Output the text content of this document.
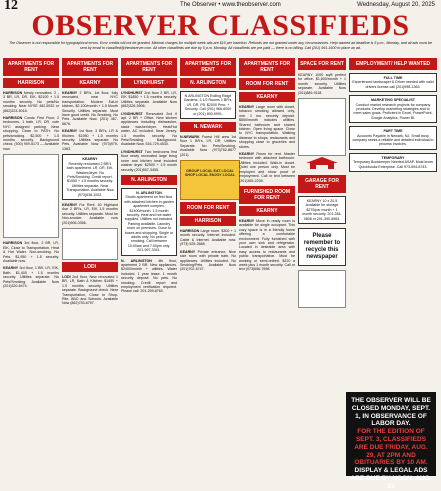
12	The Observer • www.theobserver.com	Wednesday, August 20, 2025
OBSERVER CLASSIFIEDS
The Observer is not responsible for typographical errors. Error credits will not be granted. Minimal charges for multiple week ads are $10 per insertion. Refunds are not granted under any circumstances. Help wanted ad deadline is 5 p.m., Monday, and all ads must be sent by email to classified@theobserver.com. All other classifieds are due by 5 p.m. Monday. All classifieds are pre-paid — there is no billing. Call (201) 991-1600 to place an ad.
APARTMENTS FOR RENT
HARRISON
HARRISON Newly renovated. 2 - 3 BR, LR, DR, EIK. $2100 + 1.5 months security. No pets/No smoking. Near NYSE 482-5532 or (862)223-5016.
HARRISON Condo First Floor, 2 bedrooms, 1 bath, LR, DR, cute NYC assigned parking. Near shopping. Close to PATH. No pets/smoking. $2,500 + 1.5 months security. Background check. (500) 909-5173 — Available now.
HARRISON 3rd floor, 3 BR, LR, EIK, Close to Transportation. Heat & Hot Water. Non-smoking. No Pets. $1,950 + 1.5 security. Available now.
KEARNY 3rd floor, 1 BR, LR, EIK, Bath. $1,400 + 1.5 months security. Utilities separate. No Pets/Smoking. Available Now (201)320-6474.
APARTMENTS FOR RENT
KEARNY
KEARNY 2 BR's, 1st floor, fully renovated, near NYC transportation. Modern Eat-in kitchen, $2,100/month + 1.5 Month Security. Utilities separate. Must have good credit. No Smoking, No Pets. Available Now. (201) 467-6876.
KEARNY 1st floor, 3 BR's, LR & Kitchen. $1950 + 1.5 months security. Utilities separate. No Pets. Available Now. (973)979-1383.
KEARNY
Recently renovated 2 BR/1 bath apartment. LR, DR, EIK. Washer/dryer. No Pets/Smoking. Credit report. $1950 + 1.5 months security. Utilities separate. Near Transportation. Available Now (973)636-1002.
KEARNY For Rent. 40 Highland Ave 2 BR's, LR, EIK 1.5 months security. Utilities separate. Must be Non-smoker. Available now (201)906-0356.
LODI
LODI 2nd floor, New renovated 1 BR, LR, Bath & Kitchen $1450 + 1.5 months security. Utilities separate. Background check. Near Transportation, Close to Shop-Rite, ABO and Schools. Available Now (862)753-6797.
APARTMENTS FOR RENT
LYNDHURST
LYNDHURST 2nd floor 2 BR, LR, EIK $1850 + 1.5 months security. Utilities separate. Available Now (862)326-5906.
LYNDHURST Renovated 2nd fl apt. 2 BR + Office. New kitchen appliances including dishwasher, stack washer/dryer. Heat/Hot water, AC included. Near Jersey. 1.5 months security. No Pets/Smoking. Background. Available Now. 516-729-4530.
LYNDHURST Two bedrooms first floor newly renovated large living room and kitchen heat included washer dryer. $2500 + 1.5 month security (201)507-3455.
N. ARLINGTON
N. ARLINGTON
Studio apartment on first floor with attached kitchen in garden apartment complex. $1400/month. 1.5 month security. Heat and hot water supplied. Utilities not included. Parking available. Laundry room on premises. Close to buses and shopping. Single or adults only. No pets or smoking. Call between 10:00am and 7:00pm only. 201-997-3341.
N. ARLINGTON 4th floor, apartment 2 BR. New appliances. $2400/month + utilities. Water included. 1 year lease. 1 month security deposit. No pets. No smoking. Credit report and employment verification required. Please call. 201-259-8760.
APARTMENTS FOR RENT
N. ARLINGTON
N.ARLINGTON Rolling Ridge Gardens. 3 1/2 Rooms 1 BR's, LR, DR, FB. $2000 Pmo. + Security. Call (201) 966-6000 or (201) 800-9991.
N. NEWARK
N.NEWARK Forest Hill area 1st floor 1 BR's, LR, DR, Utilities Separate. No Pets/Smoking. Available Now (973)752-8877 (201).
GROUP LOCAL EAT LOCAL SHOP LOCAL ENJOY LOCAL
ROOM FOR RENT
HARRISON
HARRISON Large room. $300 + 1 month security. Internet included. Cable & Internet. Available now. (973) 525-2868.
KEARNY Private entrance. Nice size room with private bath. No appliances. Utilities included. No Smoking/Pets. Available Now (201)702-6747.
APARTMENTS FOR RENT
ROOM FOR RENT
KEARNY
KEARNY Large room with closet, tobacco smoking allowed only, one. 1 mo. security deposit. $850/month includes utilities. Shared bathroom and shared kitchen. Open living space. Close to NYC transportation. Walking distance to shops, restaurants and shopping close to groceries and stores.
KEARNY Room for rent. Master bedroom with attached bathroom. Utilities included. Walk-in closet. Quiet one person only. Must be employed and show proof of employment. Call or text between (201)365-2235.
FURNISHED ROOM FOR RENT
KEARNY
KEARNY Move in ready room is available for single occupant. This cozy space is in a friendly home offering a comfortable environment. Fully furnished with your own sink and refrigerator. Located in desirable area with easy access to restaurants and public transportation. Must be working or semi-retired. $220 a week plus 1 month security. Call or text (973)656-7698.
SPACE FOR RENT
KEARNY 1000 sq/ft perfect for office. $1,600/month + 1 month security. Utilities separate. Available Now (201)889-9118.
GARAGE FOR RENT
KEARNY 10 x 20.5 Available for storage $275/per month + 1 month security. 201-284-0808 or 201-390-5964.
Please remember to recycle this newspaper
EMPLOYMENT/ HELP WANTED
FULL TIME
Experienced landscaper & Driver needed with valid drivers license call (201)998-1363.
MARKETING SPECIALIST
Conduct market research projects for company products. Develop marketing strategies and to meet sales goals. Proficient in Excel, PowerPoint, Google Analytics, Power BI.
PART TIME
Accounts Payable in Newark, NJ. Small busy company seeks a reliable and detailed individual to process invoices.
TEMPORARY
Temporary Bookkeeper Needed ASAP. Must know Quickbooks Enterprise. Call 973-594-8743.
THE OBSERVER WILL BE CLOSED MONDAY, SEPT. 1, IN OBSERVANCE OF LABOR DAY.
FOR THE EDITION OF SEPT. 3, CLASSIFIEDS ARE DUE FRIDAY, AUG. 29, AT 2PM AND OBITUARIES BY 10 AM.
DISPLAY & LEGAL ADS ARE DUE BY NOON, AUG. 28
